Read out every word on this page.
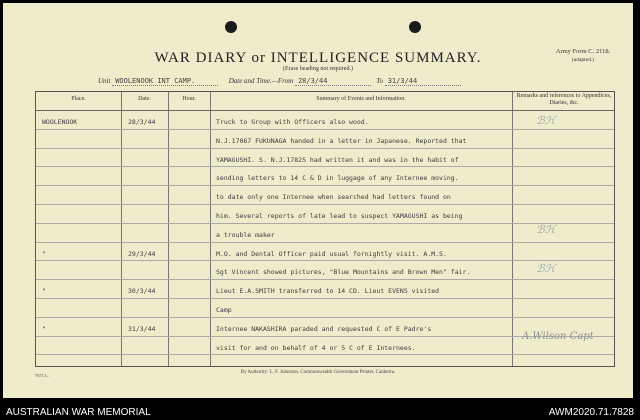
WAR DIARY or INTELLIGENCE SUMMARY.
(Erase heading not required.)
Army Form C. 2118.
(adapted.)
Unit WOOLENOOK INT CAMP.	Date and Time.—From 28/3/44	To 31/3/44
Place.	Date.	Hour.	Summary of Events and Information.	Remarks and references to Appendices, Diaries, &c.
WOOLENOOK	28/3/44	Truck to Group with Officers also wood.
N.J.17067 FUKUNAGA handed in a letter in Japanese. Reported that
YAMAGUSHI. S. N.J.17825 had written it and was in the habit of
sending letters to 14 C & D in luggage of any Internee moving.
to date only one Internee when searched had letters found on
him. Several reports of late lead to suspect YAMAGUSHI as being
a trouble maker
"	29/3/44	M.O. and Dental Officer paid usual fornightly visit. A.M.S.
Sgt Vincent showed pictures, "Blue Mountains and Brown Men" fair.
"	30/3/44	Lieut E.A.SMITH transferred to 14 CD. Lieut EVENS visited
Camp
"	31/3/44	Internee NAKASHIRA paraded and requested C of E Padre's
visit for and on behalf of 4 or 5 C of E Internees.
ℬℋ
ℬℋ
ℬℋ
A.Wilson Capt
7671.L.
By Authority: L. F. Johnston, Commonwealth Government Printer, Canberra.
AUSTRALIAN WAR MEMORIAL	AWM2020.71.7828
